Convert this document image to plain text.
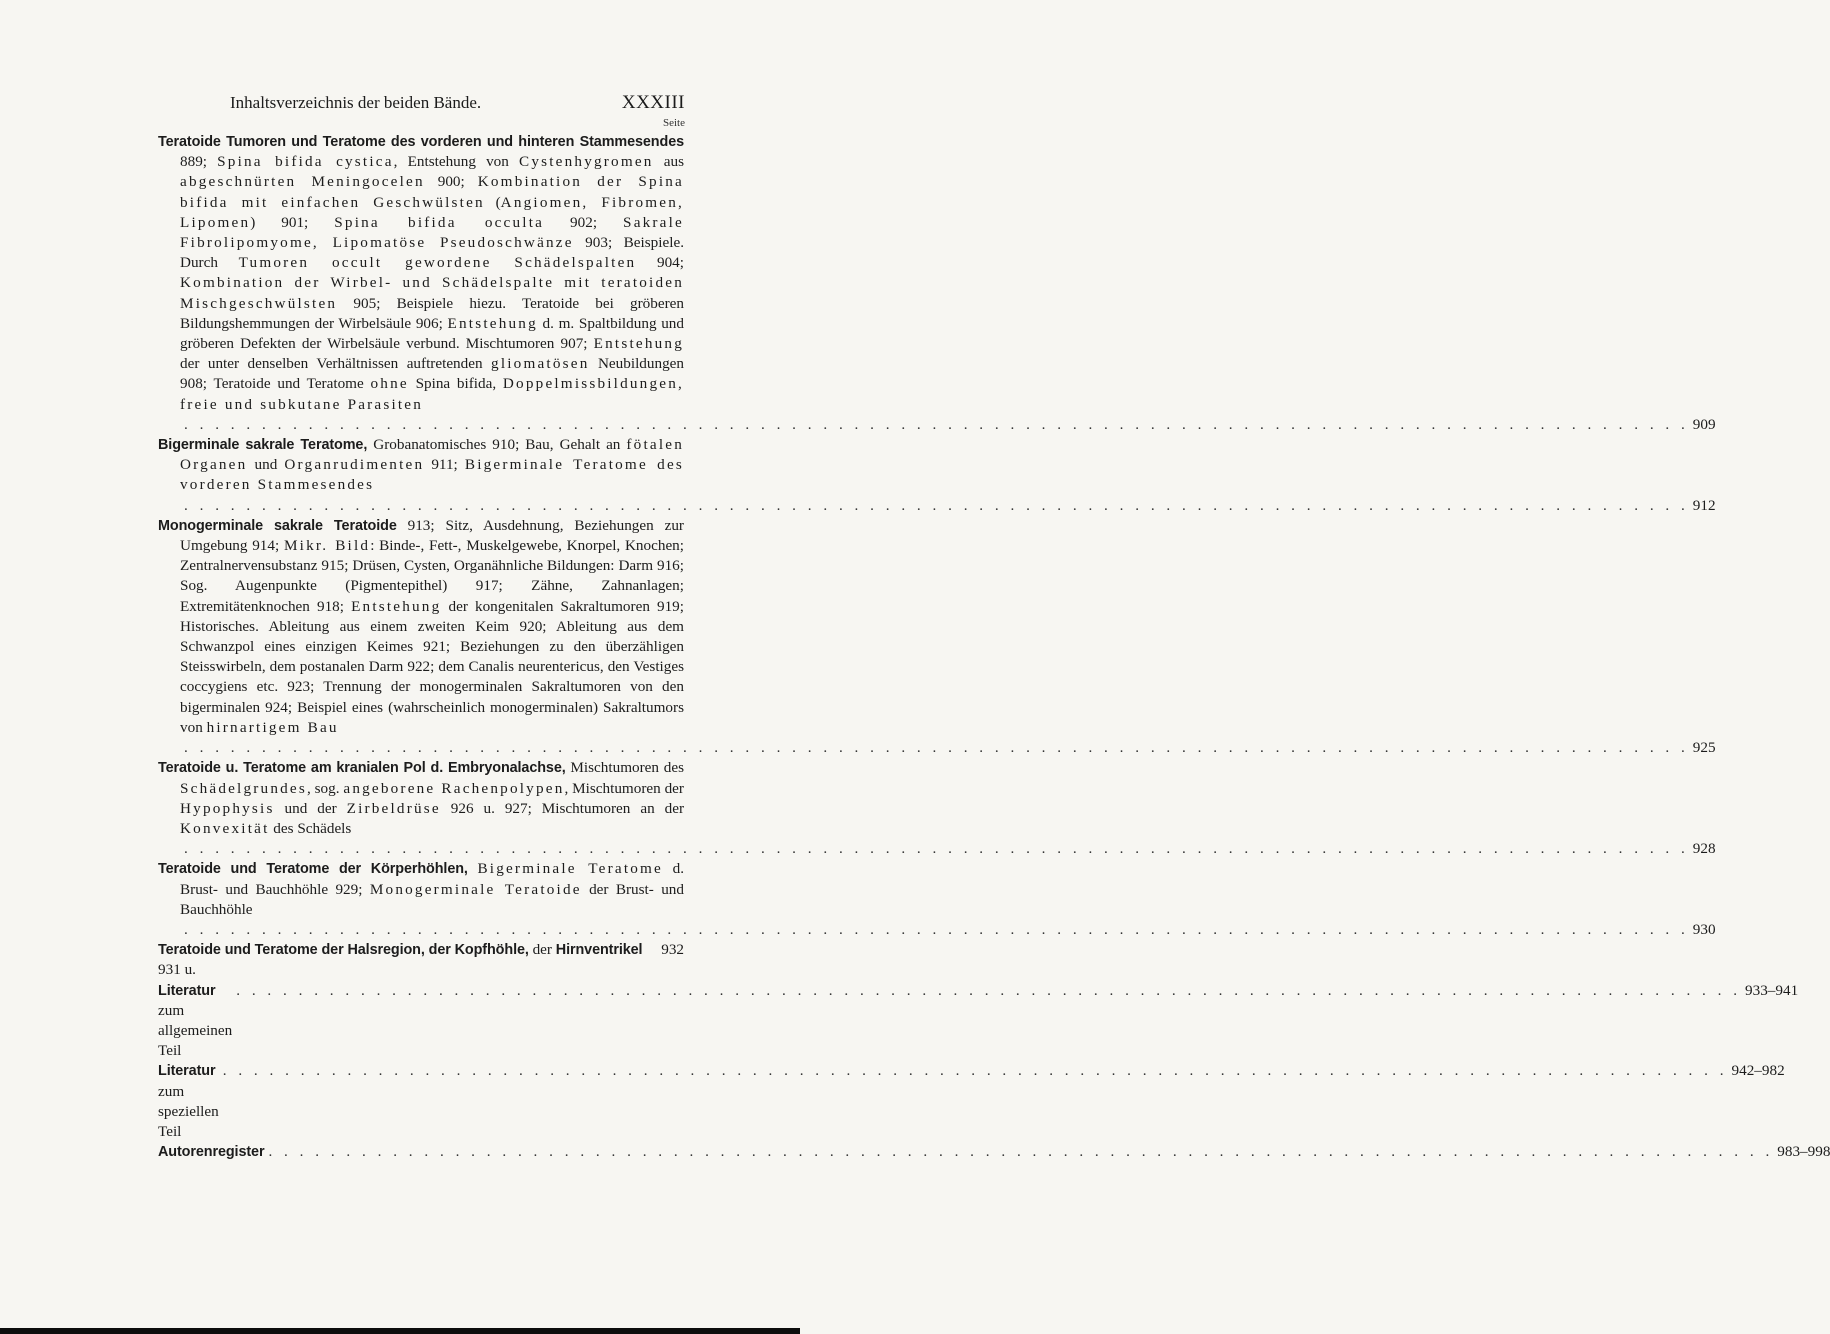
Inhaltsverzeichnis der beiden Bände.	XXXIII
Seite
Teratoide Tumoren und Teratome des vorderen und hinteren Stammesendes 889; Spina bifida cystica, Entstehung von Cystenhygromen aus abgeschnürten Meningocelen 900; Kombination der Spina bifida mit einfachen Geschwülsten (Angiomen, Fibromen, Lipomen) 901; Spina bifida occulta 902; Sakrale Fibrolipomyome, Lipomatöse Pseudoschwänze 903; Beispiele. Durch Tumoren occult gewordene Schädelspalten 904; Kombination der Wirbel- und Schädelspalte mit teratoiden Mischgeschwülsten 905; Beispiele hiezu. Teratoide bei gröberen Bildungshemmungen der Wirbelsäule 906; Entstehung d. m. Spaltbildung und gröberen Defekten der Wirbelsäule verbund. Mischtumoren 907; Entstehung der unter denselben Verhältnissen auftretenden gliomatösen Neubildungen 908; Teratoide und Teratome ohne Spina bifida, Doppelmissbildungen, freie und subkutane Parasiten
. . . . . . . . . . . . . . . . . . . . . . . . . . . . . . . . . . . . . . . . . . . . . . . . . . . . . . . . . . . . . . . . . . . . . . . . . . . . . . . . . . . . . . . . . . . . . . . . . 909
Bigerminale sakrale Teratome, Grobanatomisches 910; Bau, Gehalt an fötalen Organen und Organrudimenten 911; Bigerminale Teratome des vorderen Stammesendes
. . . . . . . . . . . . . . . . . . . . . . . . . . . . . . . . . . . . . . . . . . . . . . . . . . . . . . . . . . . . . . . . . . . . . . . . . . . . . . . . . . . . . . . . . . . . . . . . . 912
Monogerminale sakrale Teratoide 913; Sitz, Ausdehnung, Beziehungen zur Umgebung 914; Mikr. Bild: Binde-, Fett-, Muskelgewebe, Knorpel, Knochen; Zentralnervensubstanz 915; Drüsen, Cysten, Organähnliche Bildungen: Darm 916; Sog. Augenpunkte (Pigmentepithel) 917; Zähne, Zahnanlagen; Extremitätenknochen 918; Entstehung der kongenitalen Sakraltumoren 919; Historisches. Ableitung aus einem zweiten Keim 920; Ableitung aus dem Schwanzpol eines einzigen Keimes 921; Beziehungen zu den überzähligen Steisswirbeln, dem postanalen Darm 922; dem Canalis neurentericus, den Vestiges coccygiens etc. 923; Trennung der monogerminalen Sakraltumoren von den bigerminalen 924; Beispiel eines (wahrscheinlich monogerminalen) Sakraltumors von hirnartigem Bau
. . . . . . . . . . . . . . . . . . . . . . . . . . . . . . . . . . . . . . . . . . . . . . . . . . . . . . . . . . . . . . . . . . . . . . . . . . . . . . . . . . . . . . . . . . . . . . . . . 925
Teratoide u. Teratome am kranialen Pol d. Embryonalachse, Mischtumoren des Schädelgrundes, sog. angeborene Rachenpolypen, Mischtumoren der Hypophysis und der Zirbeldrüse 926 u. 927; Mischtumoren an der Konvexität des Schädels
. . . . . . . . . . . . . . . . . . . . . . . . . . . . . . . . . . . . . . . . . . . . . . . . . . . . . . . . . . . . . . . . . . . . . . . . . . . . . . . . . . . . . . . . . . . . . . . . . 928
Teratoide und Teratome der Körperhöhlen, Bigerminale Teratome d. Brust- und Bauchhöhle 929; Monogerminale Teratoide der Brust- und Bauchhöhle
. . . . . . . . . . . . . . . . . . . . . . . . . . . . . . . . . . . . . . . . . . . . . . . . . . . . . . . . . . . . . . . . . . . . . . . . . . . . . . . . . . . . . . . . . . . . . . . . . 930
Teratoide und Teratome der Halsregion, der Kopfhöhle, der Hirnventrikel 931 u.
932
Literatur zum allgemeinen Teil
. . . . . . . . . . . . . . . . . . . . . . . . . . . . . . . . . . . . . . . . . . . . . . . . . . . . . . . . . . . . . . . . . . . . . . . . . . . . . . . . . . . . . . . . . . . . . . . . . 933–941
Literatur zum speziellen Teil
. . . . . . . . . . . . . . . . . . . . . . . . . . . . . . . . . . . . . . . . . . . . . . . . . . . . . . . . . . . . . . . . . . . . . . . . . . . . . . . . . . . . . . . . . . . . . . . . . 942–982
Autorenregister . . . . . . . . . . . . . . . . . . . . . . . . . . . . . . . . . . . . . . . . . . . . . . . . . . . . . . . . . . . . . . . . . . . . . . . . . . . . . . . . . . . . . . . . . . . . . . . . . 983–998
